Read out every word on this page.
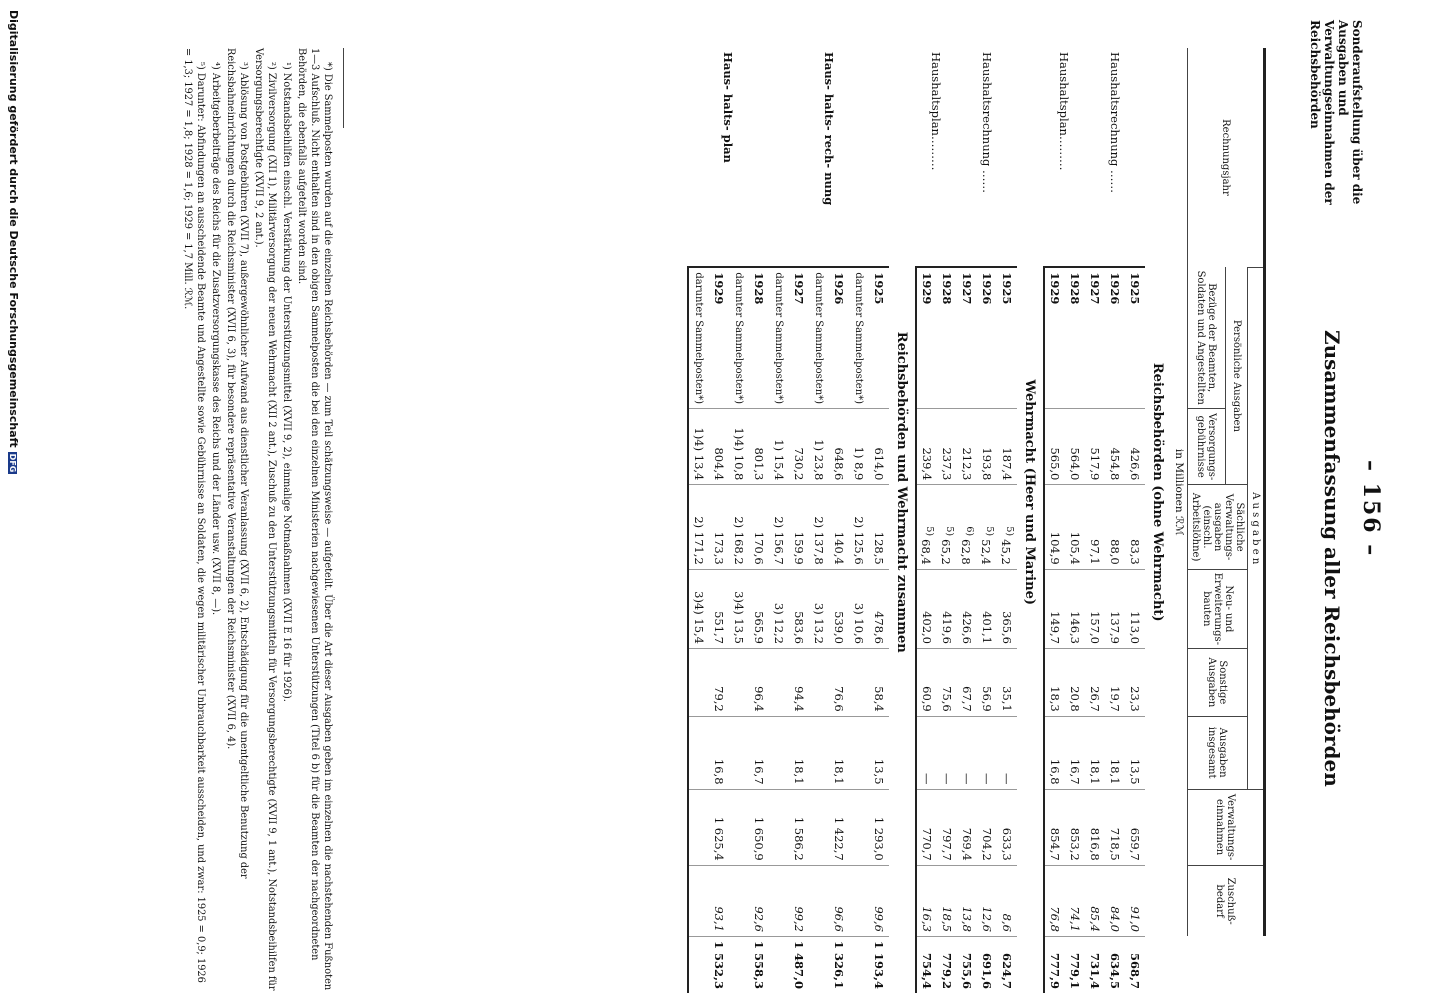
– 156 –
Zusammenfassung aller Reichsbehörden
Sonderaufstellung über die Ausgaben und Verwaltungseinnahmen der Reichsbehörden
Rechnungsjahr	A u s g a b e n						Verwaltungs-einnahmen	Zuschuß-bedarf	
	Persönliche Ausgaben		Sächliche Verwaltungs-ausgaben (einschl. Arbeitslöhne)	Neu- und Erweiterungs-bauten	Sonstige Ausgaben	Ausgaben insgesamt			
	Bezüge der Beamten, Soldaten und Angestellten	Versorgungs-gebührnisse							
in Millionen ℛℳ									
Reichsbehörden (ohne Wehrmacht)									
Haushaltsrechnung ……	1925	426,6	83,3	113,0	23,3	13,5	659,7	91,0	568,7
	1926	454,8	88,0	137,9	19,7	18,1	718,5	84,0	634,5
	1927	517,9	97,1	157,0	26,7	18,1	816,8	85,4	731,4
Haushaltsplan………	1928	564,0	105,4	146,3	20,8	16,7	853,2	74,1	779,1
	1929	565,0	104,9	149,7	18,3	16,8	854,7	76,8	777,9
Wehrmacht (Heer und Marine)									
Haushaltsrechnung ……	1925	187,4	$^{5)}$45,2	365,6	35,1	—	633,3	8,6	624,7
	1926	193,8	$^{5)}$52,4	401,1	56,9	—	704,2	12,6	691,6
	1927	212,3	$^{6)}$62,8	426,6	67,7	—	769,4	13,8	755,6
Haushaltsplan………	1928	237,3	$^{5)}$65,2	419,6	75,6	—	797,7	18,5	779,2
	1929	239,4	$^{5)}$68,4	402,0	60,9	—	770,7	16,3	754,4
Reichsbehörden und Wehrmacht zusammen									
Haus- halts- rech- nung	1925	614,0	128,5	478,6	58,4	13,5	1 293,0	99,6	1 193,4
	darunter Sammelposten*)	1) 8,9	2) 125,6	3) 10,6					
	1926	648,6	140,4	539,0	76,6	18,1	1 422,7	96,6	1 326,1
	darunter Sammelposten*)	1) 23,8	2) 137,8	3) 13,2					
	1927	730,2	159,9	583,6	94,4	18,1	1 586,2	99,2	1 487,0
	darunter Sammelposten*)	1) 15,4	2) 156,7	3) 12,2					
Haus- halts- plan	1928	801,3	170,6	565,9	96,4	16,7	1 650,9	92,6	1 558,3
	darunter Sammelposten*)	1)4) 10,8	2) 168,2	3)4) 13,5					
	1929	804,4	173,3	551,7	79,2	16,8	1 625,4	93,1	1 532,3
	darunter Sammelposten*)	1)4) 13,4	2) 171,2	3)4) 15,4					

*) Die Sammelposten wurden auf die einzelnen Reichsbehörden — zum Teil schätzungsweise — aufgeteilt. Über die Art dieser Ausgaben geben im einzelnen die nachstehenden Fußnoten 1—3 Aufschluß. Nicht enthalten sind in den obigen Sammelposten die bei den einzelnen Ministerien nachgewiesenen Unterstützungen (Titel 6 b) für die Beamten der nachgeordneten Behörden, die ebenfalls aufgeteilt worden sind.

¹) Notstandsbeihilfen einschl. Verstärkung der Unterstützungsmittel (XVII 9, 2), einmalige Notmaßnahmen (XVII E 16 für 1926).

²) Zivilversorgung (XII 1), Militärversorgung der neuen Wehrmacht (XII 2 ant.), Zuschuß zu den Unterstützungsmitteln für Versorgungsberechtigte (XVII 9, 1 ant.), Notstandsbeihilfen für Versorgungsberechtigte (XVII 9, 2 ant.).

³) Ablösung von Postgebühren (XVII 7), außergewöhnlicher Aufwand aus dienstlicher Veranlassung (XVII 6, 2), Entschädigung für die unentgeltliche Benutzung der Reichsbahneinrichtungen durch die Reichsminister (XVII 6, 3), für besondere repräsentative Veranstaltungen der Reichsminister (XVII 6, 4).

⁴) Arbeitgeberbeiträge des Reichs für die Zusatzversorgungskasse des Reichs und der Länder usw. (XVII 8, —).

⁵) Darunter: Abfindungen an ausscheidende Beamte und Angestellte sowie Gebührnisse an Soldaten, die wegen militärischer Unbrauchbarkeit ausscheiden, und zwar: 1925 = 0,9; 1926 = 1,3; 1927 = 1,8; 1928 = 1,6; 1929 = 1,7 Mill. ℛℳ.

Digitalisierung gefördert durch die Deutsche ForschungsgemeinschaftDFG
